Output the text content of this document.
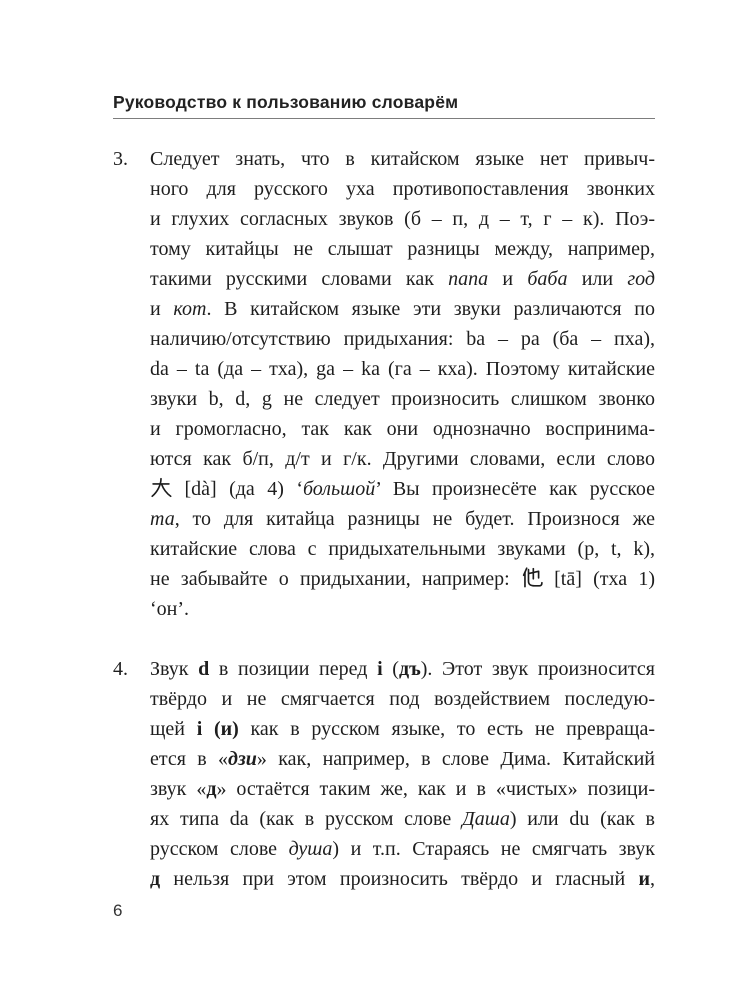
Руководство к пользованию словарём
3.	Следует знать, что в китайском языке нет привыч-
ного для русского уха противопоставления звонких
и глухих согласных звуков (б – п, д – т, г – к). Поэ-
тому китайцы не слышат разницы между, например,
такими русскими словами как папа и баба или год
и кот. В китайском языке эти звуки различаются по
наличию/отсутствию придыхания: ba – pa (ба – пха),
da – ta (да – тха), ga – ka (га – кха). Поэтому китайские
звуки b, d, g не следует произносить слишком звонко
и громогласно, так как они однозначно воспринима-
ются как б/п, д/т и г/к. Другими словами, если слово
[dà] (да 4) ‘большой’ Вы произнесёте как русское
та, то для китайца разницы не будет. Произнося же
китайские слова с придыхательными звуками (p, t, k),
не забывайте о придыхании, например:  [tā] (тха 1)
‘он’.
4.	Звук d в позиции перед i (дъ). Этот звук произносится
твёрдо и не смягчается под воздействием последую-
щей i (и) как в русском языке, то есть не превраща-
ется в «дзи» как, например, в слове Дима. Китайский
звук «д» остаётся таким же, как и в «чистых» позици-
ях типа da (как в русском слове Даша) или du (как в
русском слове душа) и т.п. Стараясь не смягчать звук
д нельзя при этом произносить твёрдо и гласный и,
6
